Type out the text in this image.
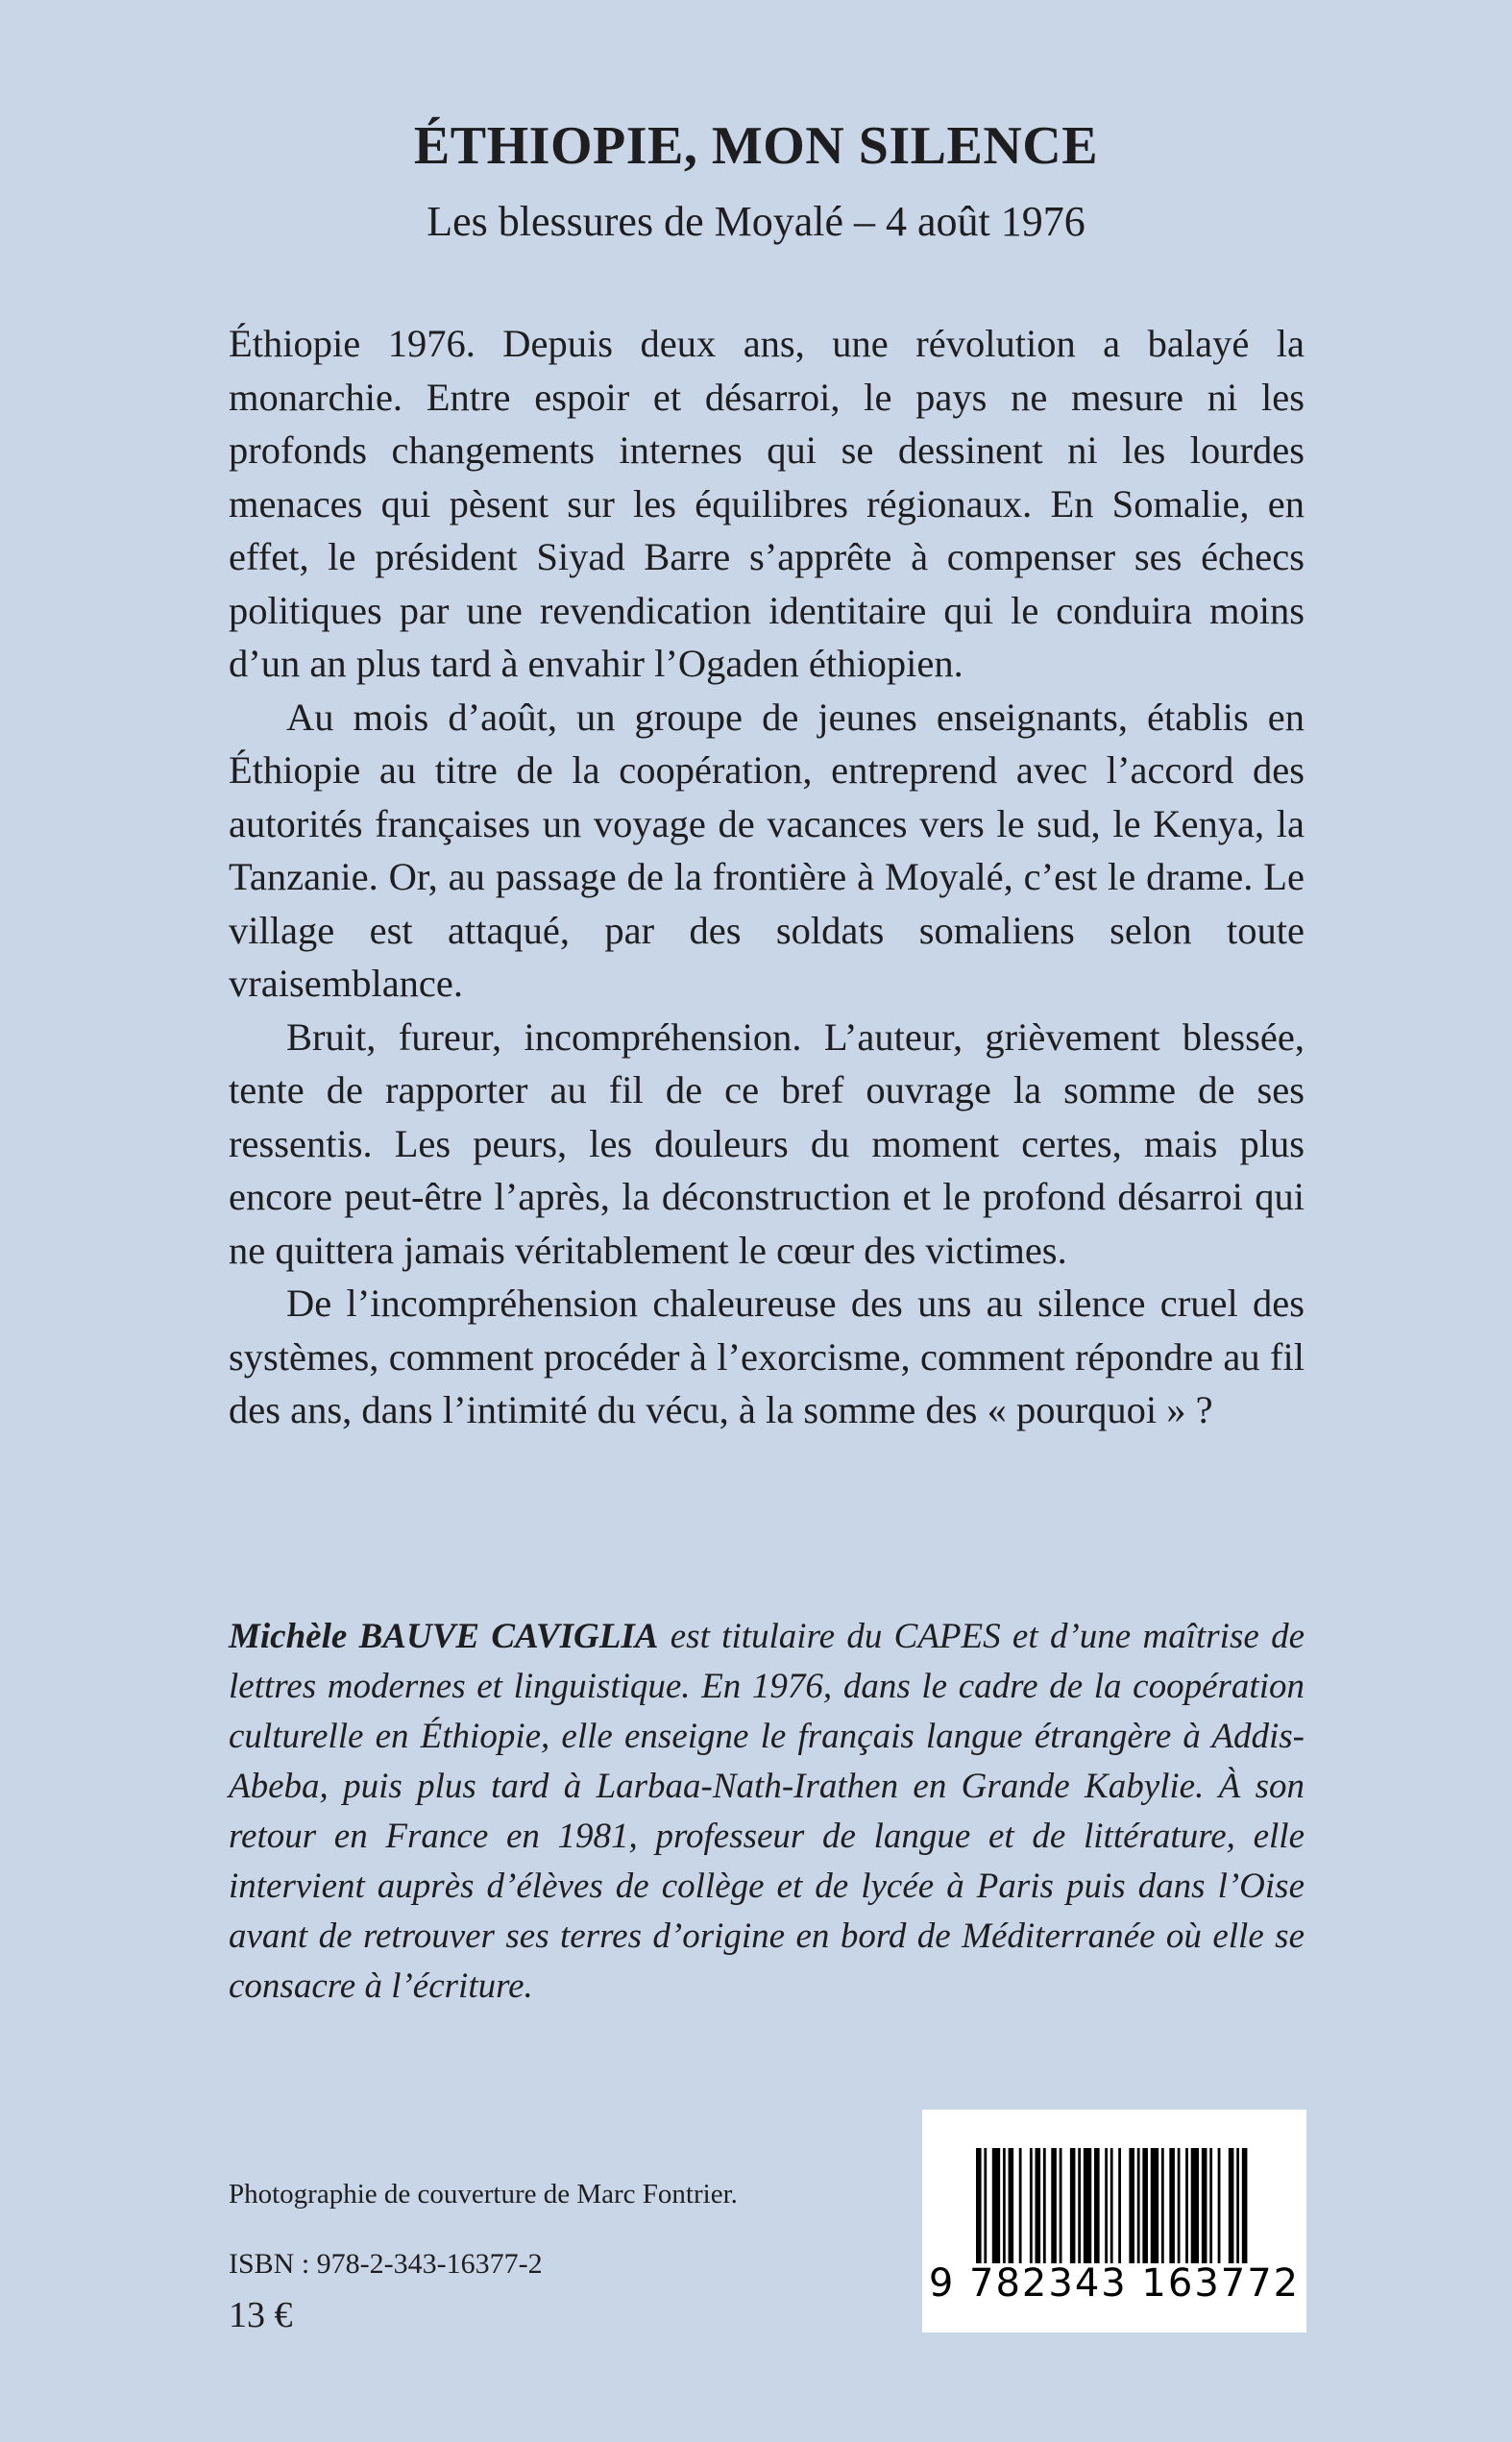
ÉTHIOPIE, MON SILENCE
Les blessures de Moyalé – 4 août 1976

Éthiopie 1976. Depuis deux ans, une révolution a balayé la monarchie. Entre espoir et désarroi, le pays ne mesure ni les profonds changements internes qui se dessinent ni les lourdes menaces qui pèsent sur les équilibres régionaux. En Somalie, en effet, le président Siyad Barre s’apprête à compenser ses échecs politiques par une revendication identitaire qui le conduira moins d’un an plus tard à envahir l’Ogaden éthiopien.

Au mois d’août, un groupe de jeunes enseignants, établis en Éthiopie au titre de la coopération, entreprend avec l’accord des autorités françaises un voyage de vacances vers le sud, le Kenya, la Tanzanie. Or, au passage de la frontière à Moyalé, c’est le drame. Le village est attaqué, par des soldats somaliens selon toute vraisemblance.

Bruit, fureur, incompréhension. L’auteur, grièvement blessée, tente de rapporter au fil de ce bref ouvrage la somme de ses ressentis. Les peurs, les douleurs du moment certes, mais plus encore peut-être l’après, la déconstruction et le profond désarroi qui ne quittera jamais véritablement le cœur des victimes.

De l’incompréhension chaleureuse des uns au silence cruel des systèmes, comment procéder à l’exorcisme, comment répondre au fil des ans, dans l’intimité du vécu, à la somme des « pourquoi » ?

Michèle BAUVE CAVIGLIA est titulaire du CAPES et d’une maîtrise de lettres modernes et linguistique. En 1976, dans le cadre de la coopération culturelle en Éthiopie, elle enseigne le français langue étrangère à Addis-Abeba, puis plus tard à Larbaa-Nath-Irathen en Grande Kabylie. À son retour en France en 1981, professeur de langue et de littérature, elle intervient auprès d’élèves de collège et de lycée à Paris puis dans l’Oise avant de retrouver ses terres d’origine en bord de Méditerranée où elle se consacre à l’écriture.

Photographie de couverture de Marc Fontrier.
ISBN : 978-2-343-16377-2
13 €
9 782343 163772
